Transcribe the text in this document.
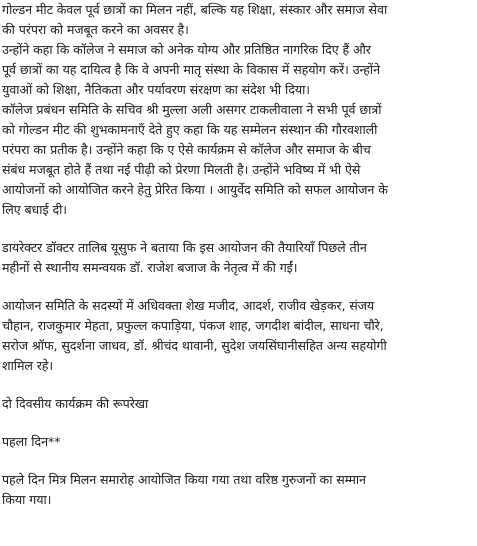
गोल्डन मीट केवल पूर्व छात्रों का मिलन नहीं, बल्कि यह शिक्षा, संस्कार और समाज सेवा
की परंपरा को मजबूत करने का अवसर है।
उन्होंने कहा कि कॉलेज ने समाज को अनेक योग्य और प्रतिष्ठित नागरिक दिए हैं और
पूर्व छात्रों का यह दायित्व है कि वे अपनी मातृ संस्था के विकास में सहयोग करें। उन्होंने
युवाओं को शिक्षा, नैतिकता और पर्यावरण संरक्षण का संदेश भी दिया।
कॉलेज प्रबंधन समिति के सचिव श्री मुल्ला अली असगर टाकलीवाला ने सभी पूर्व छात्रों
को गोल्डन मीट की शुभकामनाएँ देते हुए कहा कि यह सम्मेलन संस्थान की गौरवशाली
परंपरा का प्रतीक है। उन्होंने कहा कि ए ऐसे कार्यक्रम से कॉलेज और समाज के बीच
संबंध मजबूत होते हैं तथा नई पीढ़ी को प्रेरणा मिलती है। उन्होंने भविष्य में भी ऐसे
आयोजनों को आयोजित करने हेतु प्रेरित किया । आयुर्वेद समिति को सफल आयोजन के
लिए बधाई दी।
डायरेक्टर डॉक्टर तालिब यूसुफ ने बताया कि इस आयोजन की तैयारियाँ पिछले तीन
महीनों से स्थानीय समन्वयक डॉ. राजेश बजाज के नेतृत्व में की गईं।
आयोजन समिति के सदस्यों में अधिवक्ता शेख मजीद, आदर्श, राजीव खेड़कर, संजय
चौहान, राजकुमार मेहता, प्रफुल्ल कपाड़िया, पंकज शाह, जगदीश बांदील, साधना चौरे,
सरोज श्रॉफ, सुदर्शना जाधव, डॉ. श्रीचंद थावानी, सुदेश जयसिंघानीसहित अन्य सहयोगी
शामिल रहे।
दो दिवसीय कार्यक्रम की रूपरेखा
पहला दिन**
पहले दिन मित्र मिलन समारोह आयोजित किया गया तथा वरिष्ठ गुरुजनों का सम्मान
किया गया।
